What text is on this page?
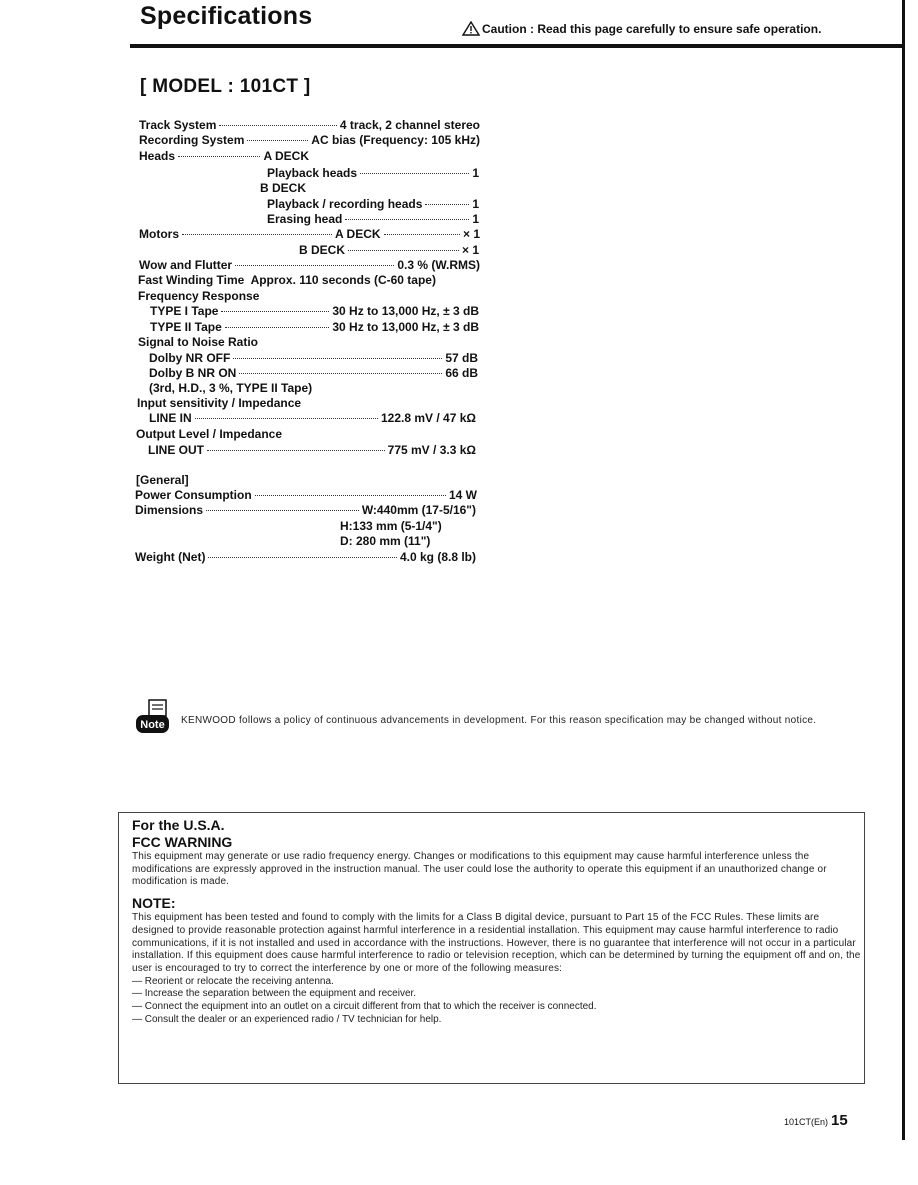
Specifications	Caution : Read this page carefully to ensure safe operation.
[ MODEL : 101CT ]
Track System	4 track, 2 channel stereo
Recording System	AC bias (Frequency: 105 kHz)
Heads	A DECK
Playback heads	1
B DECK
Playback / recording heads	1
Erasing head	1
Motors	A DECK	× 1
B DECK	× 1
Wow and Flutter	0.3 % (W.RMS)
Fast Winding Time  Approx. 110 seconds (C-60 tape)
Frequency Response
TYPE I Tape	30 Hz to 13,000 Hz, ± 3 dB
TYPE II Tape	30 Hz to 13,000 Hz, ± 3 dB
Signal to Noise Ratio
Dolby NR OFF	57 dB
Dolby B NR ON	66 dB
(3rd, H.D., 3 %, TYPE II Tape)
Input sensitivity / Impedance
LINE IN	122.8 mV / 47 kΩ
Output Level / Impedance
LINE OUT	775 mV / 3.3 kΩ
[General]
Power Consumption	14 W
Dimensions	W:440mm (17-5/16")
H:133 mm (5-1/4")
D: 280 mm (11")
Weight (Net)	4.0 kg (8.8 lb)
Note KENWOOD follows a policy of continuous advancements in development. For this reason specification may be changed without notice.
For the U.S.A.
FCC WARNING
This equipment may generate or use radio frequency energy. Changes or modifications to this equipment may cause harmful interference unless the modifications are expressly approved in the instruction manual. The user could lose the authority to operate this equipment if an unauthorized change or modification is made.
NOTE:
This equipment has been tested and found to comply with the limits for a Class B digital device, pursuant to Part 15 of the FCC Rules. These limits are designed to provide reasonable protection against harmful interference in a residential installation. This equipment may cause harmful interference to radio communications, if it is not installed and used in accordance with the instructions. However, there is no guarantee that interference will not occur in a particular installation. If this equipment does cause harmful interference to radio or television reception, which can be determined by turning the equipment off and on, the user is encouraged to try to correct the interference by one or more of the following measures:
— Reorient or relocate the receiving antenna.
— Increase the separation between the equipment and receiver.
— Connect the equipment into an outlet on a circuit different from that to which the receiver is connected.
— Consult the dealer or an experienced radio / TV technician for help.
101CT(En) 15
